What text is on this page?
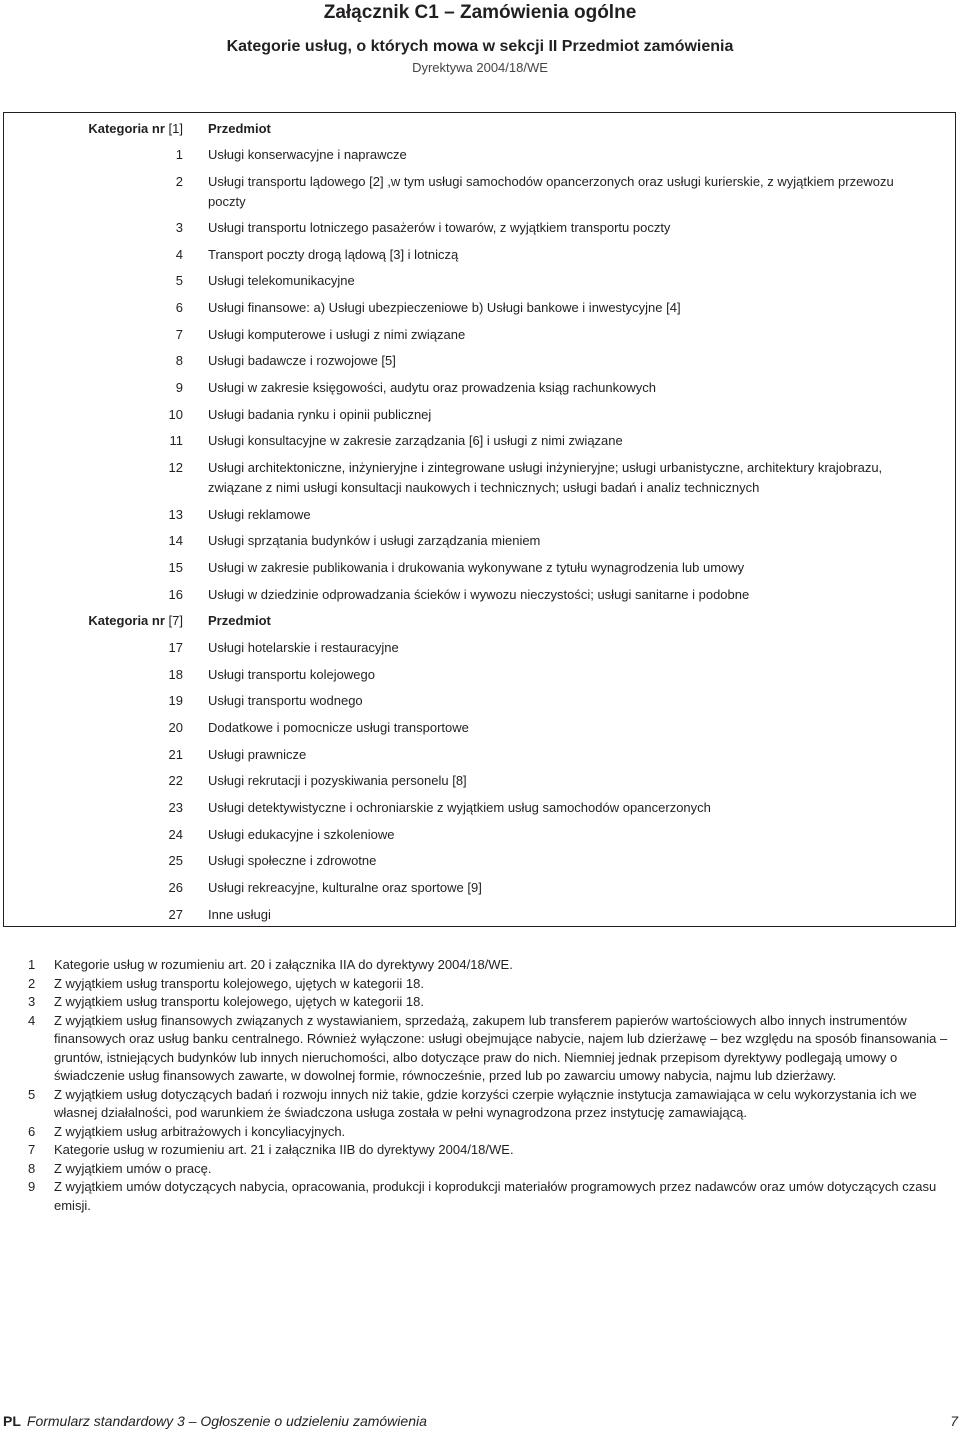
Załącznik C1 – Zamówienia ogólne
Kategorie usług, o których mowa w sekcji II Przedmiot zamówienia
Dyrektywa 2004/18/WE
Kategoria nr [1] Przedmiot
1 Usługi konserwacyjne i naprawcze
2 Usługi transportu lądowego [2] ,w tym usługi samochodów opancerzonych oraz usługi kurierskie, z wyjątkiem przewozu poczty
3 Usługi transportu lotniczego pasażerów i towarów, z wyjątkiem transportu poczty
4 Transport poczty drogą lądową [3] i lotniczą
5 Usługi telekomunikacyjne
6 Usługi finansowe: a) Usługi ubezpieczeniowe b) Usługi bankowe i inwestycyjne [4]
7 Usługi komputerowe i usługi z nimi związane
8 Usługi badawcze i rozwojowe [5]
9 Usługi w zakresie księgowości, audytu oraz prowadzenia ksiąg rachunkowych
10 Usługi badania rynku i opinii publicznej
11 Usługi konsultacyjne w zakresie zarządzania [6] i usługi z nimi związane
12 Usługi architektoniczne, inżynieryjne i zintegrowane usługi inżynieryjne; usługi urbanistyczne, architektury krajobrazu, związane z nimi usługi konsultacji naukowych i technicznych; usługi badań i analiz technicznych
13 Usługi reklamowe
14 Usługi sprzątania budynków i usługi zarządzania mieniem
15 Usługi w zakresie publikowania i drukowania wykonywane z tytułu wynagrodzenia lub umowy
16 Usługi w dziedzinie odprowadzania ścieków i wywozu nieczystości; usługi sanitarne i podobne
Kategoria nr [7] Przedmiot
17 Usługi hotelarskie i restauracyjne
18 Usługi transportu kolejowego
19 Usługi transportu wodnego
20 Dodatkowe i pomocnicze usługi transportowe
21 Usługi prawnicze
22 Usługi rekrutacji i pozyskiwania personelu [8]
23 Usługi detektywistyczne i ochroniarskie z wyjątkiem usług samochodów opancerzonych
24 Usługi edukacyjne i szkoleniowe
25 Usługi społeczne i zdrowotne
26 Usługi rekreacyjne, kulturalne oraz sportowe [9]
27 Inne usługi
1 Kategorie usług w rozumieniu art. 20 i załącznika IIA do dyrektywy 2004/18/WE.
2 Z wyjątkiem usług transportu kolejowego, ujętych w kategorii 18.
3 Z wyjątkiem usług transportu kolejowego, ujętych w kategorii 18.
4 Z wyjątkiem usług finansowych związanych z wystawianiem, sprzedażą, zakupem lub transferem papierów wartościowych albo innych instrumentów finansowych oraz usług banku centralnego. Również wyłączone: usługi obejmujące nabycie, najem lub dzierżawę – bez względu na sposób finansowania – gruntów, istniejących budynków lub innych nieruchomości, albo dotyczące praw do nich. Niemniej jednak przepisom dyrektywy podlegają umowy o świadczenie usług finansowych zawarte, w dowolnej formie, równocześnie, przed lub po zawarciu umowy nabycia, najmu lub dzierżawy.
5 Z wyjątkiem usług dotyczących badań i rozwoju innych niż takie, gdzie korzyści czerpie wyłącznie instytucja zamawiająca w celu wykorzystania ich we własnej działalności, pod warunkiem że świadczona usługa została w pełni wynagrodzona przez instytucję zamawiającą.
6 Z wyjątkiem usług arbitrażowych i koncyliacyjnych.
7 Kategorie usług w rozumieniu art. 21 i załącznika IIB do dyrektywy 2004/18/WE.
8 Z wyjątkiem umów o pracę.
9 Z wyjątkiem umów dotyczących nabycia, opracowania, produkcji i koprodukcji materiałów programowych przez nadawców oraz umów dotyczących czasu emisji.
PL Formularz standardowy 3 – Ogłoszenie o udzieleniu zamówienia	7
